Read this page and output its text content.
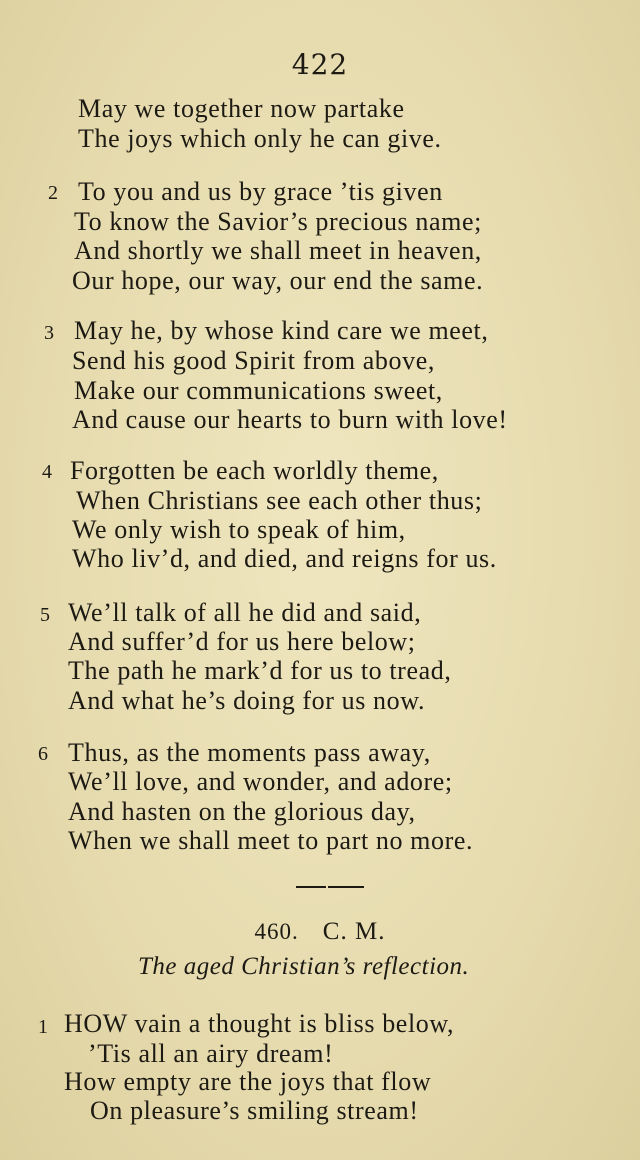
422
May we together now partake
The joys which only he can give.
2 To you and us by grace ’tis given
To know the Savior’s precious name;
And shortly we shall meet in heaven,
Our hope, our way, our end the same.
3 May he, by whose kind care we meet,
Send his good Spirit from above,
Make our communications sweet,
And cause our hearts to burn with love!
4 Forgotten be each worldly theme,
When Christians see each other thus;
We only wish to speak of him,
Who liv’d, and died, and reigns for us.
5 We’ll talk of all he did and said,
And suffer’d for us here below;
The path he mark’d for us to tread,
And what he’s doing for us now.
6 Thus, as the moments pass away,
We’ll love, and wonder, and adore;
And hasten on the glorious day,
When we shall meet to part no more.
460. C. M.
The aged Christian’s reflection.
1 HOW vain a thought is bliss below,
’Tis all an airy dream!
How empty are the joys that flow
On pleasure’s smiling stream!
